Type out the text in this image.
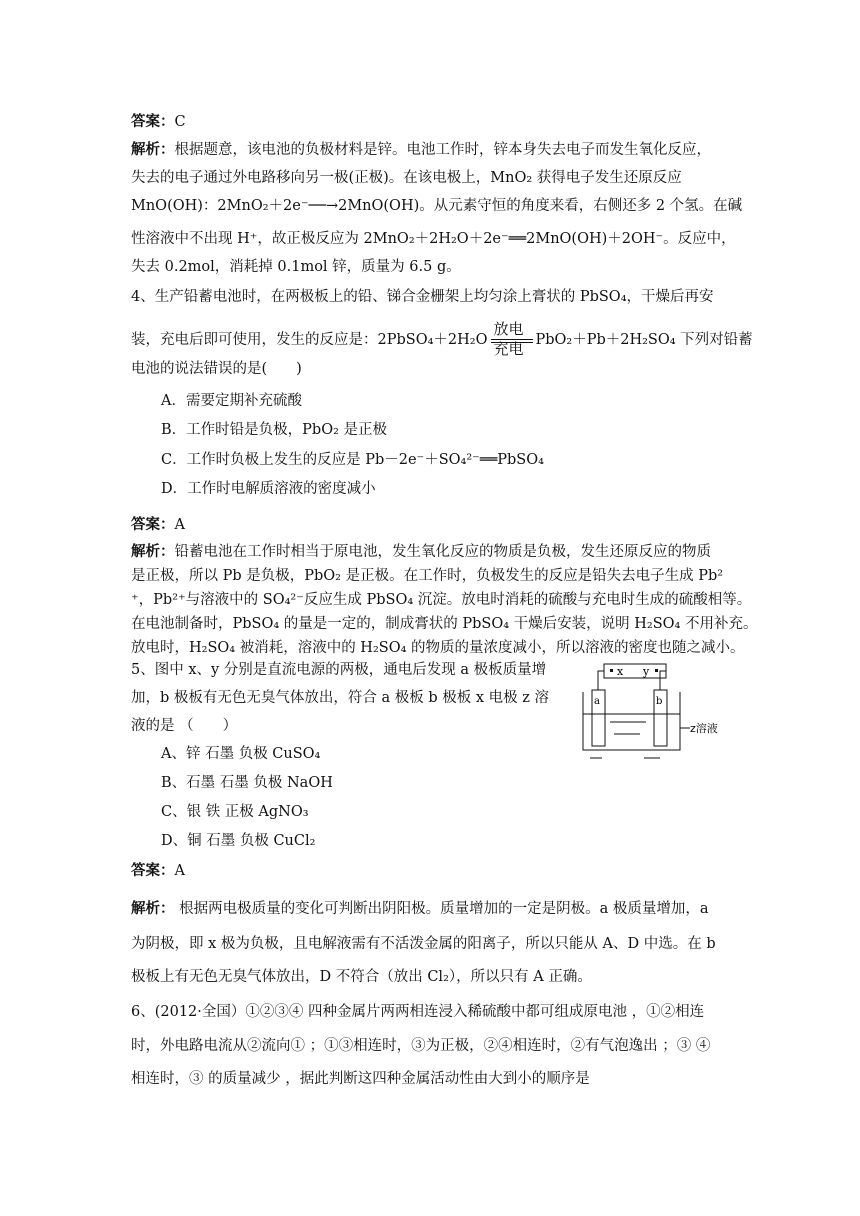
答案：C
解析：根据题意，该电池的负极材料是锌。电池工作时，锌本身失去电子而发生氧化反应，
失去的电子通过外电路移向另一极(正极)。在该电极上，MnO₂ 获得电子发生还原反应
MnO(OH)：2MnO₂＋2e⁻──→2MnO(OH)。从元素守恒的角度来看，右侧还多 2 个氢。在碱
性溶液中不出现 H⁺，故正极反应为 2MnO₂＋2H₂O＋2e⁻══2MnO(OH)＋2OH⁻。反应中，
失去 0.2mol，消耗掉 0.1mol 锌，质量为 6.5 g。
4、生产铅蓄电池时，在两极板上的铅、锑合金栅架上均匀涂上膏状的 PbSO₄，干燥后再安
装，充电后即可使用，发生的反应是：2PbSO₄＋2H₂O
放电
充电 PbO₂＋Pb＋2H₂SO₄ 下列对铅蓄
电池的说法错误的是(　　)
A．需要定期补充硫酸
B．工作时铅是负极，PbO₂ 是正极
C．工作时负极上发生的反应是 Pb－2e⁻＋SO₄²⁻══PbSO₄
D．工作时电解质溶液的密度减小
答案：A
解析：铅蓄电池在工作时相当于原电池，发生氧化反应的物质是负极，发生还原反应的物质
是正极，所以 Pb 是负极，PbO₂ 是正极。在工作时，负极发生的反应是铅失去电子生成 Pb²
⁺，Pb²⁺与溶液中的 SO₄²⁻反应生成 PbSO₄ 沉淀。放电时消耗的硫酸与充电时生成的硫酸相等。
在电池制备时，PbSO₄ 的量是一定的，制成膏状的 PbSO₄ 干燥后安装，说明 H₂SO₄ 不用补充。
放电时，H₂SO₄ 被消耗，溶液中的 H₂SO₄ 的物质的量浓度减小，所以溶液的密度也随之减小。
5、图中 x、y 分别是直流电源的两极，通电后发现 a 极板质量增
加，b 极板有无色无臭气体放出，符合 a 极板 b 极板 x 电极 z 溶
液的是 （　　）
A、锌 石墨 负极 CuSO₄
B、石墨 石墨 负极 NaOH
C、银 铁 正极 AgNO₃
D、铜 石墨 负极 CuCl₂
x y
a	b
z溶液
答案：A
解析： 根据两电极质量的变化可判断出阴阳极。质量增加的一定是阴极。a 极质量增加，a
为阴极，即 x 极为负极，且电解液需有不活泼金属的阳离子，所以只能从 A、D 中选。在 b
极板上有无色无臭气体放出，D 不符合（放出 Cl₂），所以只有 A 正确。
6、(2012·全国）①②③④ 四种金属片两两相连浸入稀硫酸中都可组成原电池 ，①②相连
时，外电路电流从②流向① ；①③相连时，③为正极，②④相连时，②有气泡逸出 ；③ ④
相连时，③ 的质量减少 ，据此判断这四种金属活动性由大到小的顺序是
